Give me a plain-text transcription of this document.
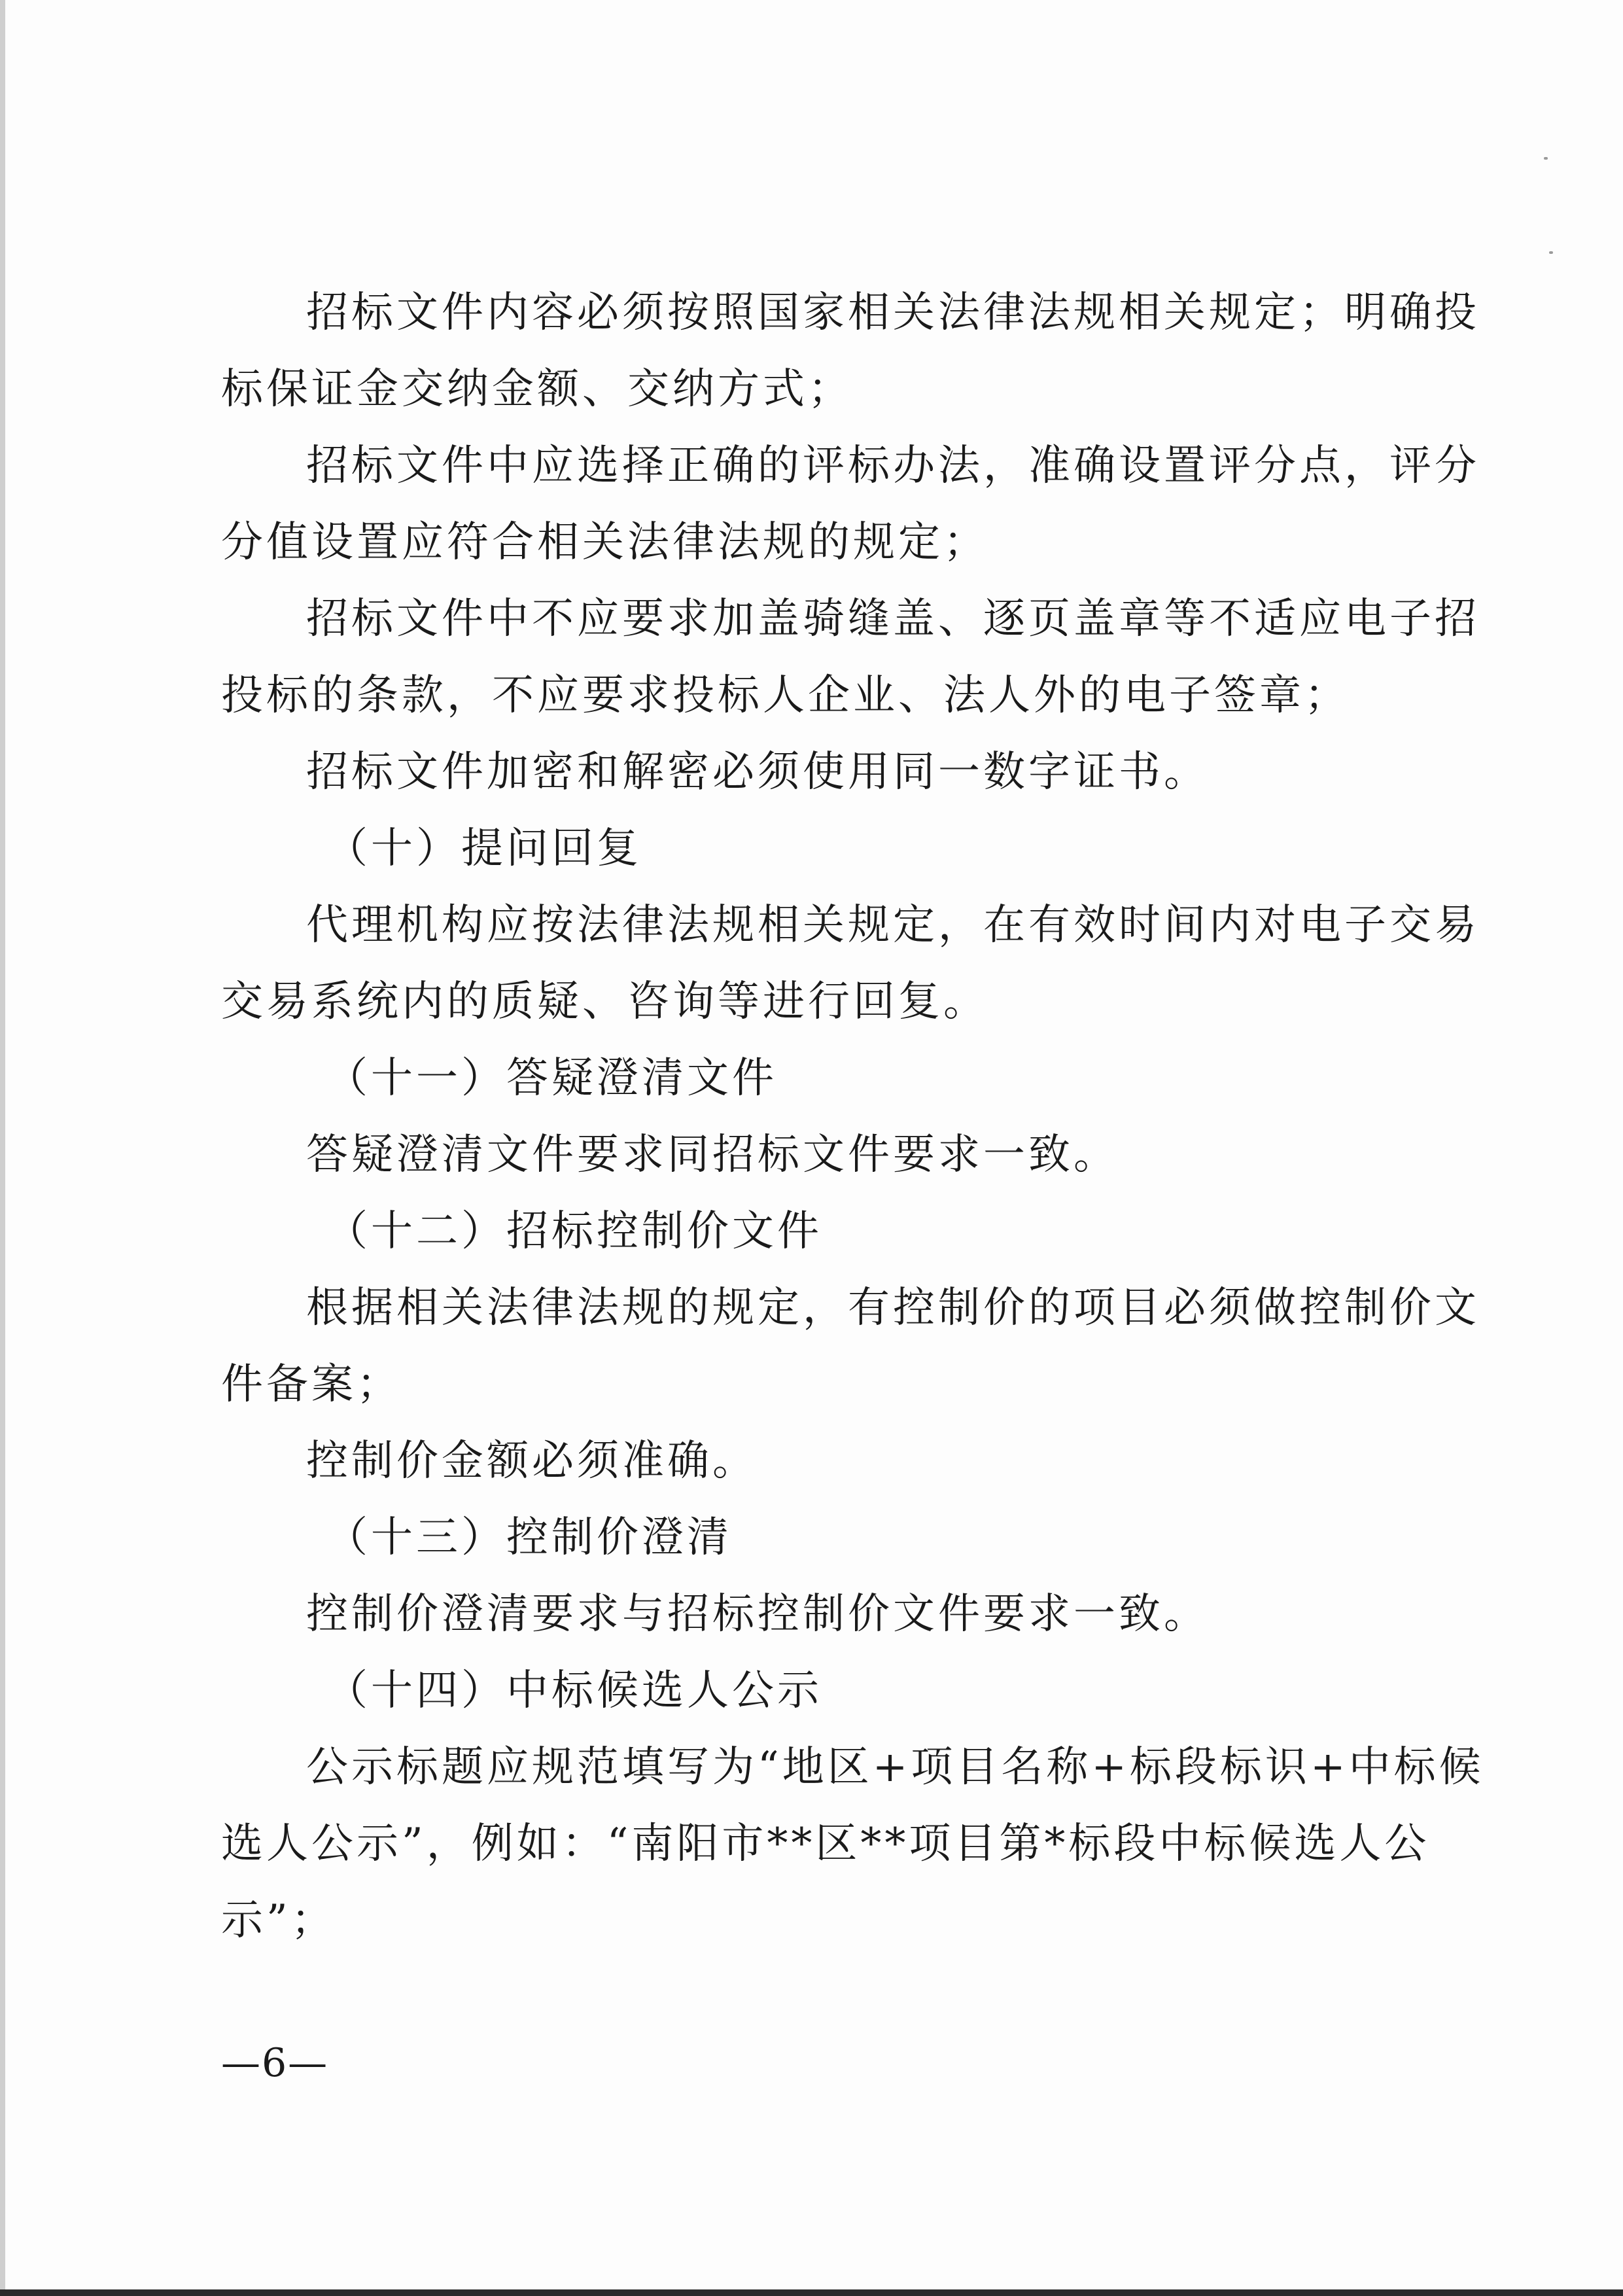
招标文件内容必须按照国家相关法律法规相关规定；明确投

标保证金交纳金额、交纳方式；

招标文件中应选择正确的评标办法，准确设置评分点，评分

分值设置应符合相关法律法规的规定；

招标文件中不应要求加盖骑缝盖、逐页盖章等不适应电子招

投标的条款，不应要求投标人企业、法人外的电子签章；

招标文件加密和解密必须使用同一数字证书。

（十）提问回复

代理机构应按法律法规相关规定，在有效时间内对电子交易

交易系统内的质疑、咨询等进行回复。

（十一）答疑澄清文件

答疑澄清文件要求同招标文件要求一致。

（十二）招标控制价文件

根据相关法律法规的规定，有控制价的项目必须做控制价文

件备案；

控制价金额必须准确。

（十三）控制价澄清

控制价澄清要求与招标控制价文件要求一致。

（十四）中标候选人公示

公示标题应规范填写为“地区+项目名称+标段标识+中标候

选人公示”，例如：“南阳市**区**项目第*标段中标候选人公

示”；

—6—
